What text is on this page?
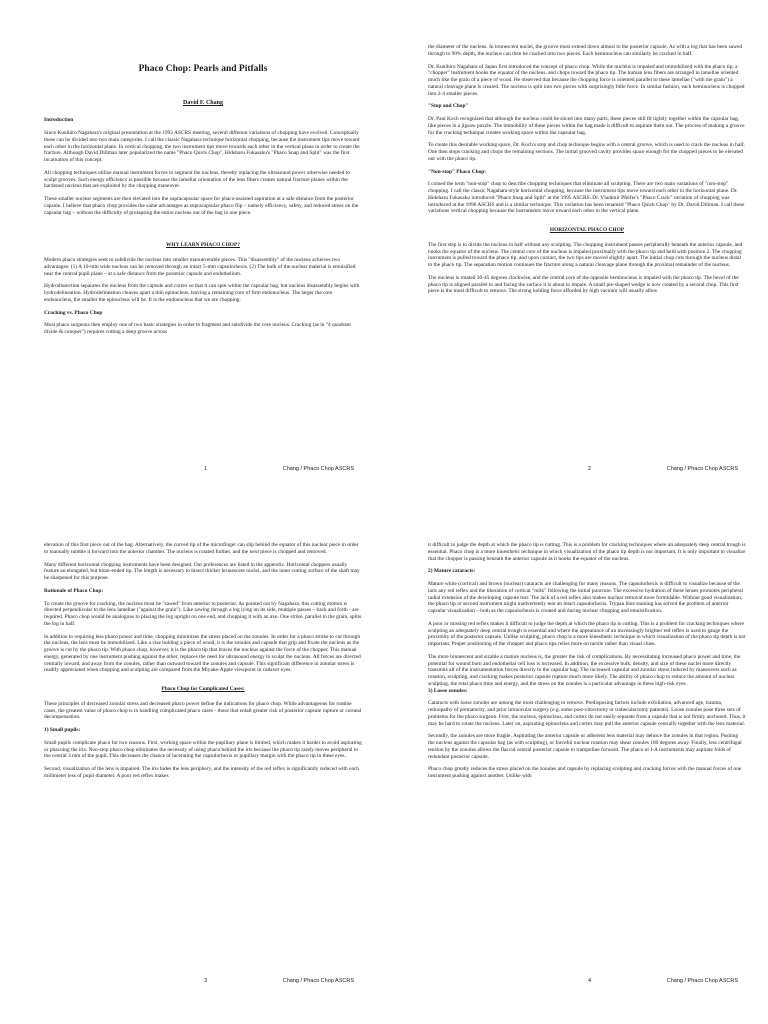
Phaco Chop: Pearls and Pitfalls
David F. Chang
Introduction

Since Kunihiro Nagahara's original presentation at the 1993 ASCRS meeting, several different variations of chopping have evolved. Conceptually these can be divided into two main categories. I call the classic Nagahara technique horizontal chopping, because the instrument tips move toward each other in the horizontal plane. In vertical chopping, the two instrument tips move towards each other in the vertical plane in order to create the fracture. Although David Dillman later popularized the name "Phaco Quick Chop", Hideharu Fukasaku's "Phaco Snap and Split" was the first incarnation of this concept.

All chopping techniques utilize manual instrument forces to segment the nucleus, thereby replacing the ultrasound power otherwise needed to sculpt grooves. Such energy efficiency is possible because the lamellar orientation of the lens fibers creates natural fracture planes within the hardened nucleus that are exploited by the chopping maneuver.

These smaller nuclear segments are then elevated into the supracapsular space for phaco-assisted aspiration at a safe distance from the posterior capsule. I believe that phaco chop provides the same advantages as supracapsular phaco flip – namely efficiency, safety, and reduced stress on the capsular bag – without the difficulty of prolapsing the entire nucleus out of the bag in one piece.

WHY LEARN PHACO CHOP?

Modern phaco strategies seek to subdivide the nucleus into smaller manueverable pieces. This "disassembly" of the nucleus achieves two advantages: (1) A 10-mm wide nucleus can be removed through an intact 5-mm capsulorhexis. (2) The bulk of the nuclear material is emulsified near the central pupil plane – at a safe distance from the posterior capsule and endothelium.

Hydrodissection separates the nucleus from the capsule and cortex so that it can spin within the capsular bag, but nucleus disassembly begins with hydrodelineation. Hydrodelineation cleaves apart a thin epinucleus, leaving a remaining core of firm endonucleus. The larger the core endonucleus, the smaller the epinucleus will be. It is the endonucleus that we are chopping.

Cracking vs. Phaco Chop

Most phaco surgeons then employ one of two basic strategies in order to fragment and subdivide the core nucleus. Cracking (as in "4 quadrant divide & conquer") requires cutting a deep groove across

1	Chang / Phaco Chop ASCRS

the diameter of the nucleus. In brunescent nuclei, the groove must extend down almost to the posterior capsule. As with a log that has been sawed through to 90% depth, the nucleus can then be cracked into two pieces. Each heminucleus can similarly be cracked in half.

Dr. Kunihiro Nagahara of Japan first introduced the concept of phaco chop. While the nucleus is impaled and immobilized with the phaco tip, a "chopper" instrument hooks the equator of the nucleus, and chops toward the phaco tip. The human lens fibers are arranged in lamellae oriented much like the grain of a piece of wood. He observed that because the chopping force is oriented parallel to these lamellae ("with the grain") a natural cleavage plane is created. The nucleus is split into two pieces with surprisingly little force. In similar fashion, each heminucleus is chopped into 2-4 smaller pieces.

"Stop and Chop"

Dr. Paul Koch recognized that although the nucleus could be sliced into many parts, these pieces still fit tightly together within the capsular bag, like pieces in a jigsaw puzzle. The immobility of these pieces within the bag made it difficult to aspirate them out. The process of making a groove for the cracking technique creates working space within the capsular bag.

To create this desirable working space, Dr. Koch's stop and chop technique begins with a central groove, which is used to crack the nucleus in half. One then stops cracking and chops the remaining sections. The initial grooved cavity provides space enough for the chopped pieces to be elevated out with the phaco tip.

"Non-stop" Phaco Chop:

I coined the term "non-stop" chop to describe chopping techniques that eliminate all sculpting. There are two main variations of "non-stop" chopping. I call the classic Nagahara-style horizontal chopping, because the instrument tips move toward each other in the horizontal plane. Dr. Hideharu Fukasaku introduced "Phaco Snap and Split" at the 1995 ASCRS. Dr. Vladimir Pfeifer's "Phaco Crack" variation of chopping was introduced at the 1996 ASCRS and is a similar technique. This variation has been renamed "Phaco Quick Chop" by Dr. David Dillman. I call these variations vertical chopping because the instruments move toward each other in the vertical plane.

HORIZONTAL PHACO CHOP

The first step is to divide the nucleus in half without any sculpting. The chopping instrument passes peripherally beneath the anterior capsule, and hooks the equator of the nucleus. The central core of the nucleus is impaled proximally with the phaco tip and held with position 2. The chopping instrument is pulled toward the phaco tip, and upon contact, the two tips are moved slightly apart. The initial chop cuts through the nucleus distal to the phaco tip. The separation motion continues the fracture along a natural cleavage plane through the proximal remainder of the nucleus.

The nucleus is rotated 30-45 degrees clockwise, and the central core of the opposite heminucleus is impaled with the phaco tip. The bevel of the phaco tip is aligned parallel to and facing the surface it is about to impale. A small pie-shaped wedge is now created by a second chop. This first piece is the most difficult to remove. The strong holding force afforded by high vacuum will usually allow

2	Chang / Phaco Chop ASCRS

elevation of this first piece out of the bag. Alternatively, the curved tip of the microfinger can slip behind the equator of this nuclear piece in order to manually tumble it forward into the anterior chamber. The nucleus is rotated further, and the next piece is chopped and removed.

Many different horizontal chopping instruments have been designed. Our preferences are listed in the appendix. Horizontal choppers usually feature an elongated, but blunt-ended tip. The length is necessary to bisect thicker brunescent nuclei, and the inner cutting surface of the shaft may be sharpened for this purpose.

Rationale of Phaco Chop:

To create the groove for cracking, the nucleus must be "sawed" from anterior to posterior. As pointed out by Nagahara, this cutting motion is directed perpendicular to the lens lamellae ("against the grain"). Like sawing through a log lying on its side, multiple passes – back and forth - are required. Phaco chop would be analogous to placing the log upright on one end, and chopping it with an axe. One strike, parallel to the grain, splits the log in half.

In addition to requiring less phaco power and time, chopping minimizes the stress placed on the zonules. In order for a phaco stroke to cut through the nucleus, the lens must be immobilized. Like a vise holding a piece of wood, it is the zonules and capsule that grip and fixate the nucleus as the groove is cut by the phaco tip. With phaco chop, however, it is the phaco tip that braces the nucleus against the force of the chopper. This manual energy, generated by one instrument pushing against the other, replaces the need for ultrasound energy to sculpt the nucleus. All forces are directed centrally inward, and away from the zonules, rather than outward toward the zonules and capsule. This significant difference in zonular stress is readily appreciated when chopping and sculpting are compared from the Miyake-Apple viewpoint in cadaver eyes.

Phaco Chop for Complicated Cases:

These principles of decreased zonular stress and decreased phaco power define the indications for phaco chop. While advantageous for routine cases, the greatest value of phaco chop is in handling complicated phaco cases - those that entail greater risk of posterior capsule rupture or corneal decompensation.

1) Small pupils:

Small pupils complicate phaco for two reasons. First, working space within the pupillary plane is limited, which makes it harder to avoid aspirating or phacoing the iris. Non-stop phaco chop eliminates the necessity of using phaco behind the iris because the phaco tip rarely moves peripheral to the central 3 mm of the pupil. This decreases the chance of lacerating the capsulorhexis or pupillary margin with the phaco tip in these eyes.

Second, visualization of the lens is impaired. The iris hides the lens periphery, and the intensity of the red reflex is significantly reduced with each millimeter less of pupil diameter. A poor red reflex makes

3	Chang / Phaco Chop ASCRS

it difficult to judge the depth at which the phaco tip is cutting. This is a problem for cracking techniques where an adequately deep central trough is essential. Phaco chop is a more kinesthetic technique in which visualization of the phaco tip depth is not important. It is only important to visualize that the chopper is passing beneath the anterior capsule as it hooks the equator of the nucleus.

2) Mature cataracts:

Mature white (cortical) and brown (nuclear) cataracts are challenging for many reasons. The capsulorhexis is difficult to visualize because of the lack any red reflex and the liberation of cortical "milk" following the initial puncture. The excessive hydration of these lenses promotes peripheral radial extension of the developing capsule tear. The lack of a red reflex also makes nuclear removal more formidable. Without good visualization, the phaco tip or second instrument might inadvertently tear an intact capsulorhexis. Trypan blue staining has solved the problem of anterior capsular visualization – both as the capsulorhexis is created and during nuclear chopping and emulsification.

A poor or missing red reflex makes it difficult to judge the depth at which the phaco tip is cutting. This is a problem for cracking techniques where sculpting an adequately deep central trough is essential and where the appearance of an increasingly brighter red reflex is used to gauge the proximity of the posterior capsule. Unlike sculpting, phaco chop is a more kinesthetic technique in which visualization of the phaco tip depth is not important. Proper positioning of the chopper and phaco tips relies more on tactile rather than visual clues.

The more brunescent and sizable a mature nucleus is, the greater the risk of complications. By necessitating increased phaco power and time, the potential for wound burn and endothelial cell loss is increased. In addition, the excessive bulk, density, and size of these nuclei more directly transmits all of the instrumentation forces directly to the capsular bag. The increased capsular and zonular stress induced by maneuvers such as rotation, sculpting, and cracking makes posterior capsule rupture much more likely. The ability of phaco chop to reduce the amount of nuclear sculpting, the total phaco time and energy, and the stress on the zonules is a particular advantage in these high-risk eyes.

3) Loose zonules:

Cataracts with loose zonules are among the most challenging to remove. Predisposing factors include exfoliation, advanced age, trauma, retinopathy of prematurity, and prior intraocular surgery (e.g. some post-vitrectomy or trabeculectomy patients). Loose zonules pose three sets of problems for the phaco surgeon. First, the nucleus, epinucleus, and cortex do not easily separate from a capsule that is not firmly anchored. Thus, it may be hard to rotate the nucleus. Later on, aspirating epinucleus and cortex may pull the anterior capsule centrally together with the lens material.

Secondly, the zonules are more fragile. Aspirating the anterior capsule or adherent lens material may dehisce the zonules in that region. Pushing the nucleus against the capsular bag (as with sculpting), or forceful nuclear rotation may shear zonules 180 degrees away. Finally, less centrifugal tension by the zonules allows the flaccid central posterior capsule to trampoline forward. The phaco or I-A instruments may aspirate folds of redundant posterior capsule.

Phaco chop greatly reduces the stress placed on the zonules and capsule by replacing sculpting and cracking forces with the manual forces of one instrument pushing against another. Unlike with

4	Chang / Phaco Chop ASCRS
